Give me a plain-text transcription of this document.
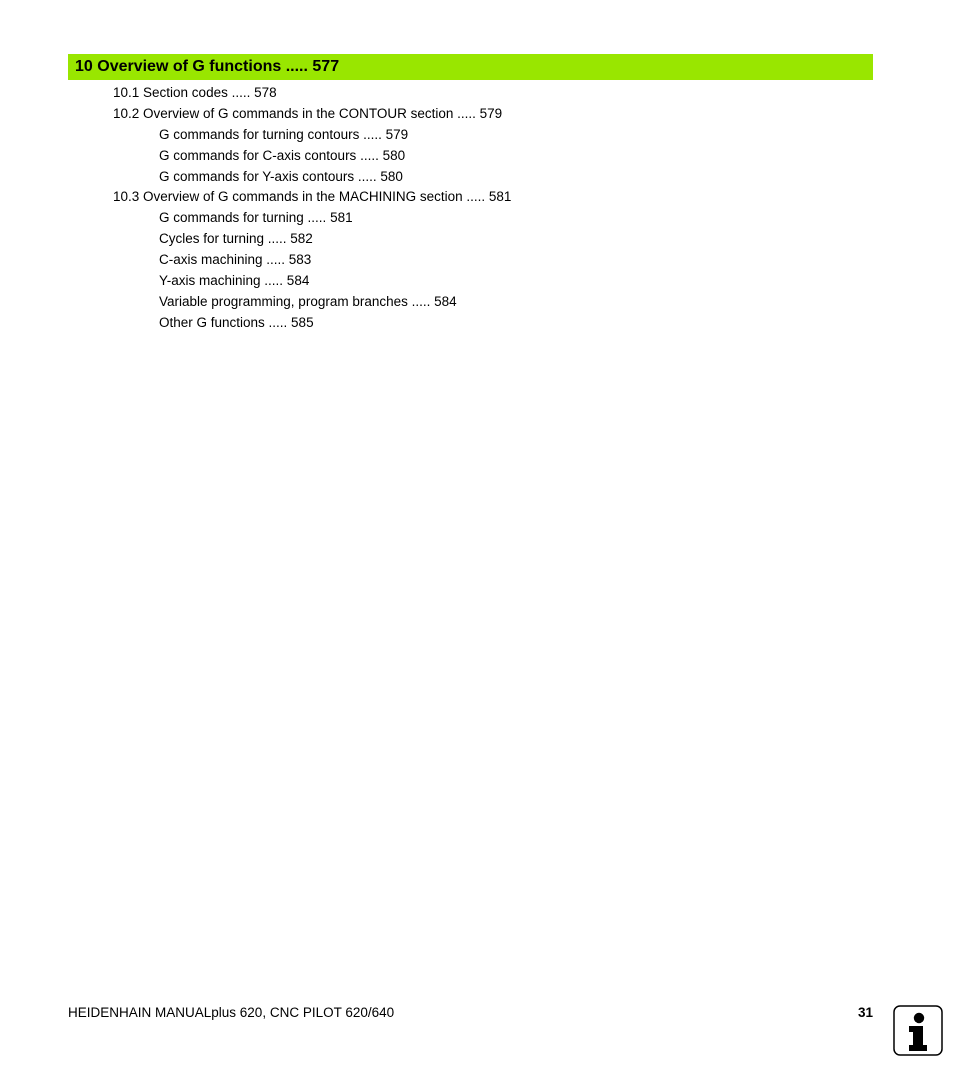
10 Overview of G functions ..... 577
10.1 Section codes ..... 578
10.2 Overview of G commands in the CONTOUR section ..... 579
G commands for turning contours ..... 579
G commands for C-axis contours ..... 580
G commands for Y-axis contours ..... 580
10.3 Overview of G commands in the MACHINING section ..... 581
G commands for turning ..... 581
Cycles for turning ..... 582
C-axis machining ..... 583
Y-axis machining ..... 584
Variable programming, program branches ..... 584
Other G functions ..... 585
HEIDENHAIN MANUALplus 620, CNC PILOT 620/640	31
